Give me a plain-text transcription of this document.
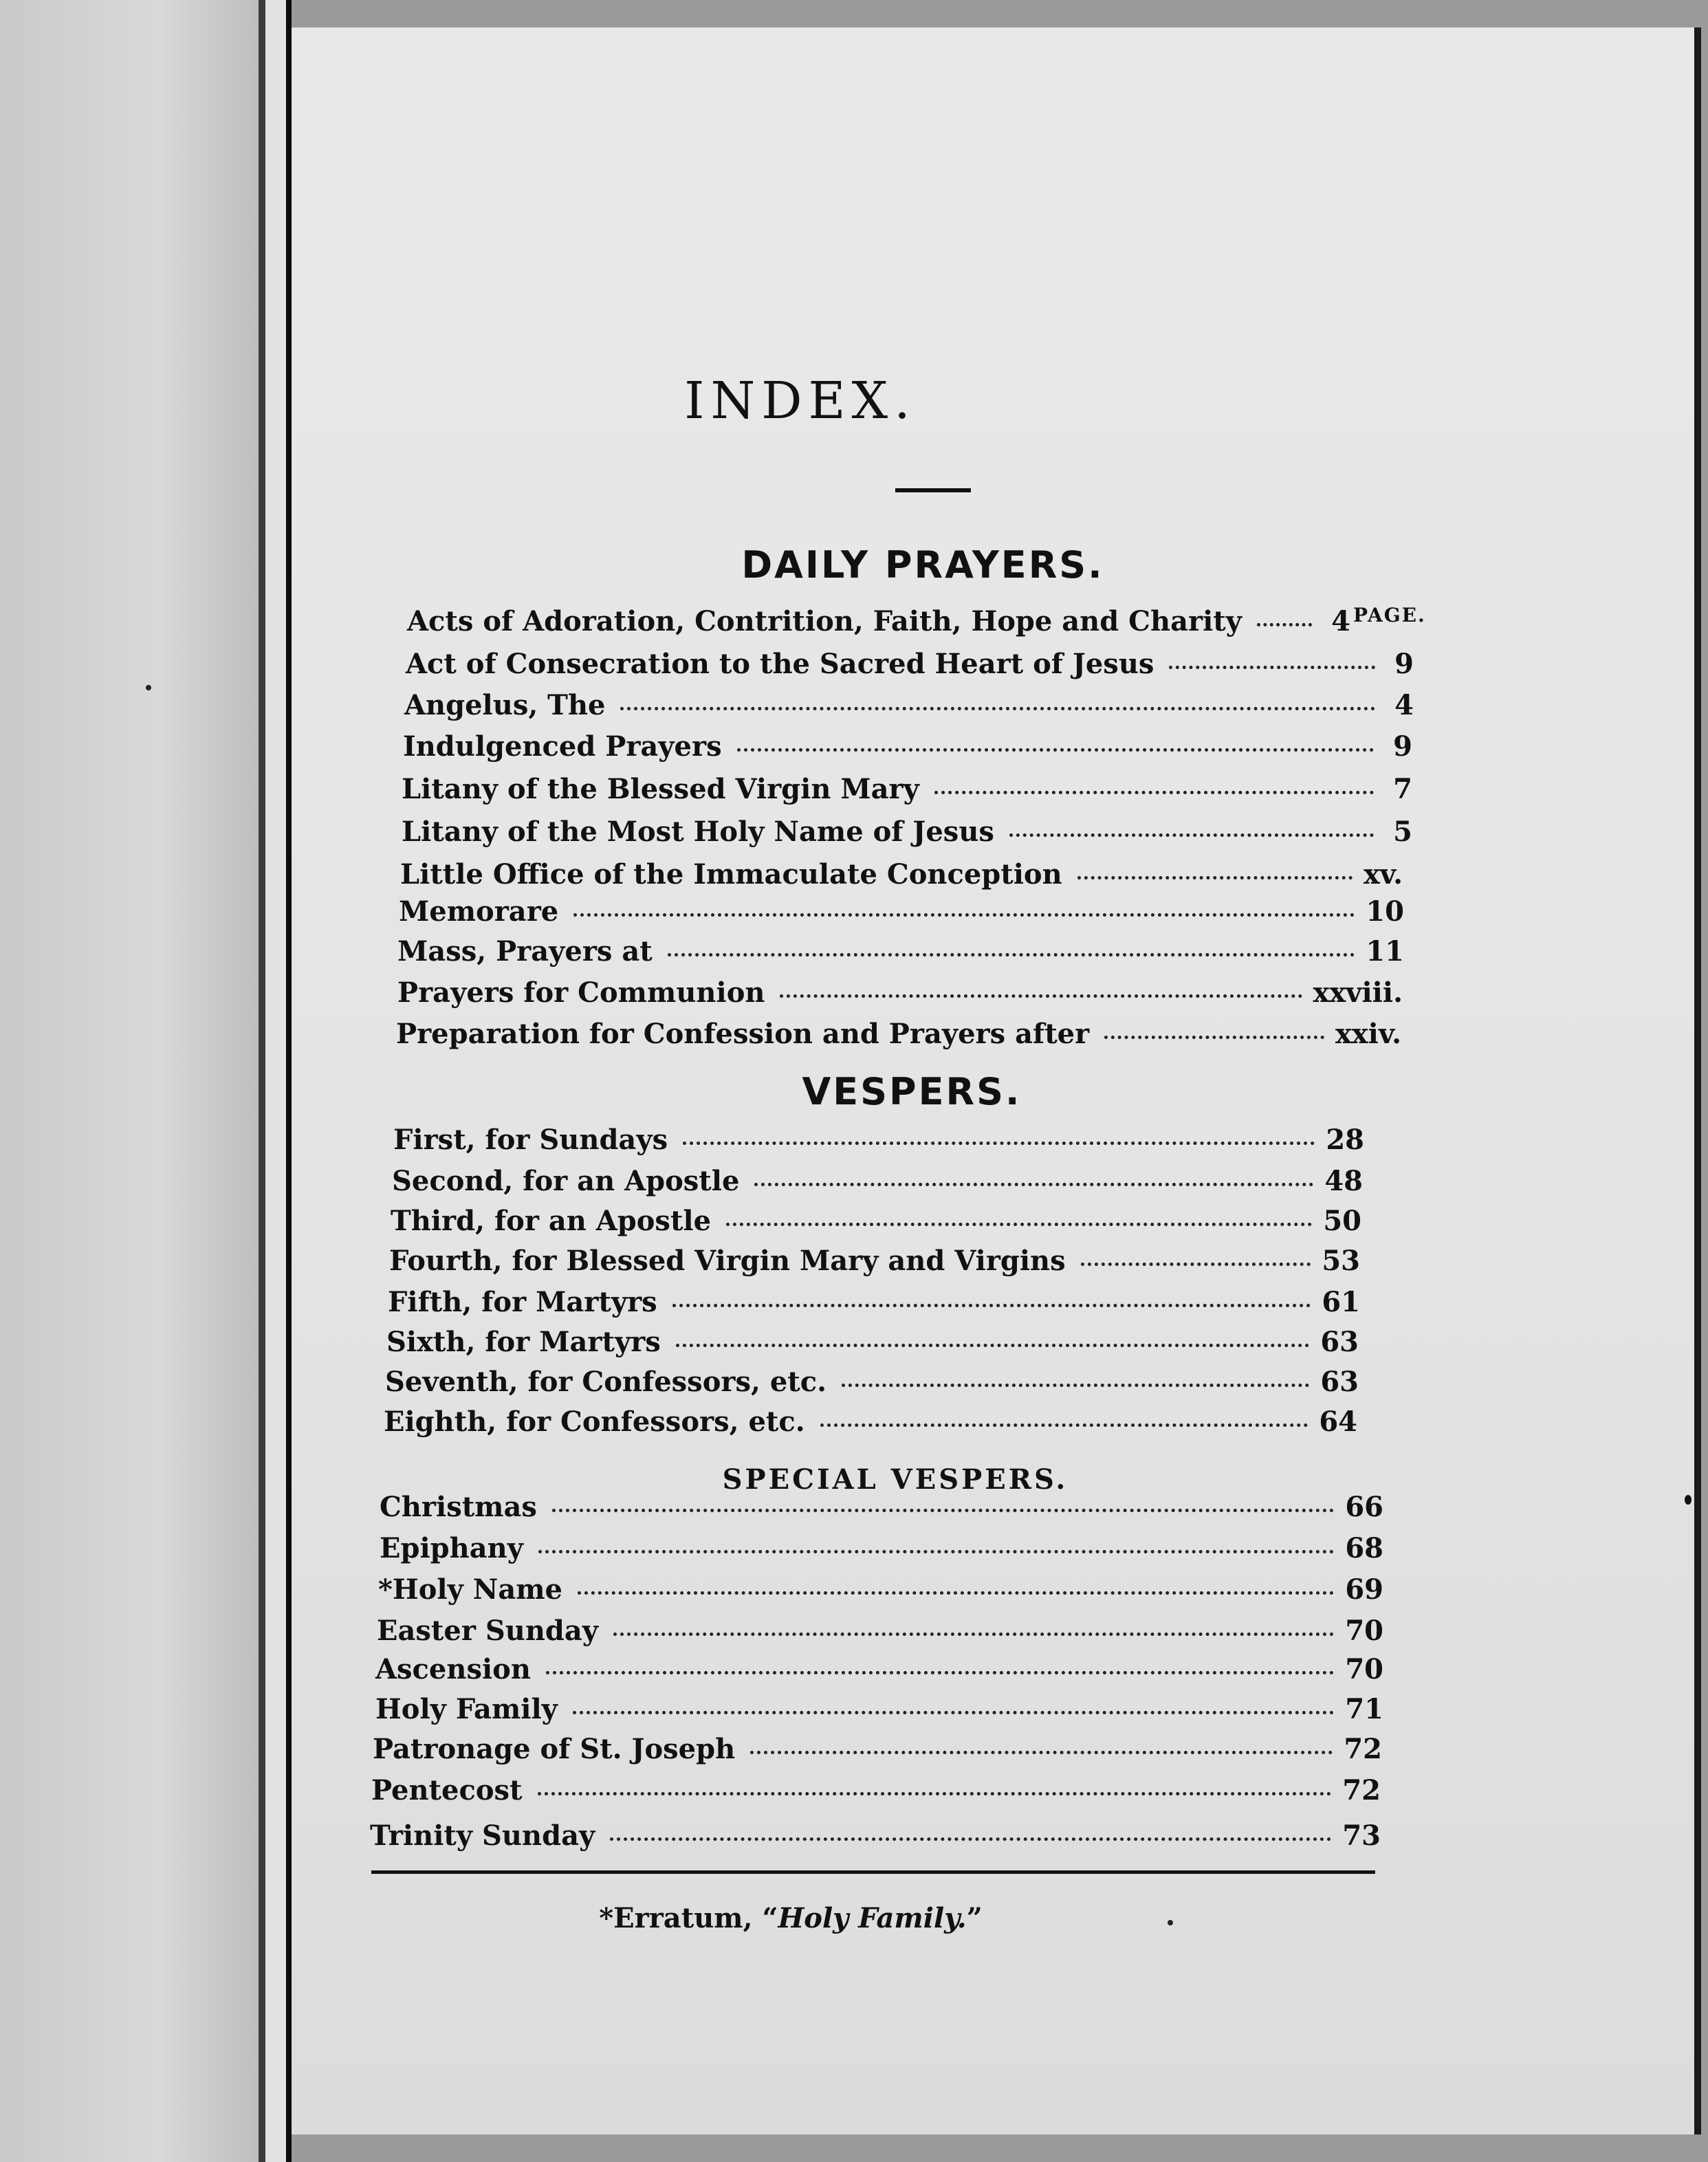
INDEX.
DAILY PRAYERS.
PAGE.
Acts of Adoration, Contrition, Faith, Hope and Charity	4
Act of Consecration to the Sacred Heart of Jesus	9
Angelus, The	4
Indulgenced Prayers	9
Litany of the Blessed Virgin Mary	7
Litany of the Most Holy Name of Jesus	5
Little Office of the Immaculate Conception	xv.
Memorare	10
Mass, Prayers at	11
Prayers for Communion	xxviii.
Preparation for Confession and Prayers after	xxiv.
VESPERS.
First, for Sundays	28
Second, for an Apostle	48
Third, for an Apostle	50
Fourth, for Blessed Virgin Mary and Virgins	53
Fifth, for Martyrs	61
Sixth, for Martyrs	63
Seventh, for Confessors, etc.	63
Eighth, for Confessors, etc.	64
SPECIAL VESPERS.
Christmas	66
Epiphany	68
*Holy Name	69
Easter Sunday	70
Ascension	70
Holy Family	71
Patronage of St. Joseph	72
Pentecost	72
Trinity Sunday	73
*Erratum, “Holy Family.”
